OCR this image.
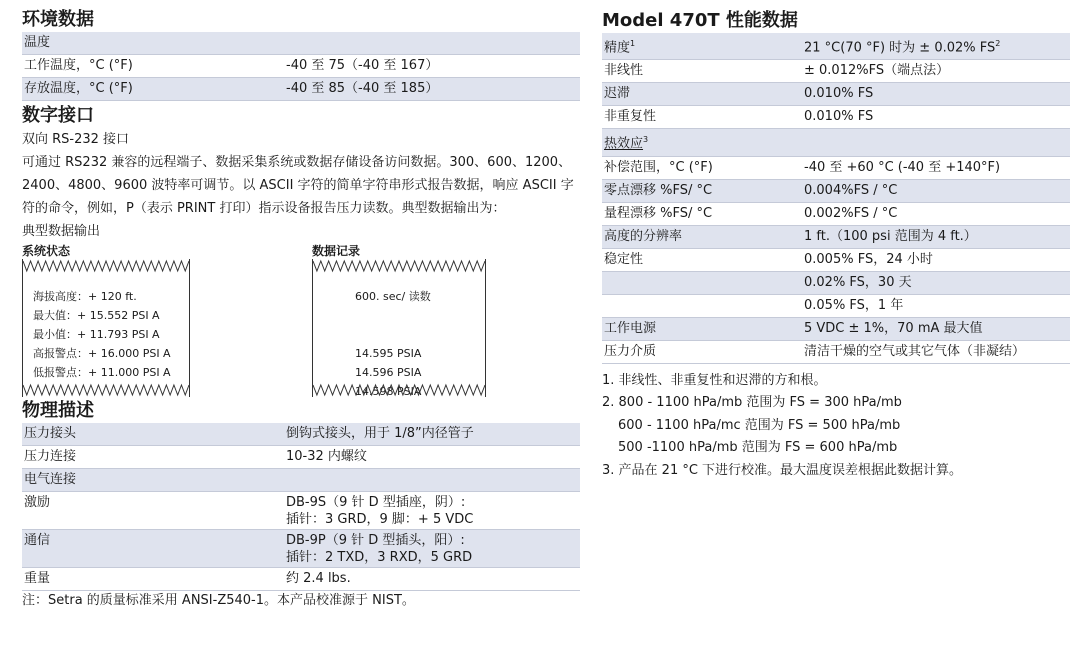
环境数据
温度	
工作温度，°C (°F)	-40 至 75（-40 至 167）
存放温度，°C (°F)	-40 至 85（-40 至 185）
数字接口

双向 RS-232 接口

可通过 RS232 兼容的远程端子、数据采集系统或数据存储设备访问数据。300、600、1200、2400、4800、9600 波特率可调节。以 ASCII 字符的简单字符串形式报告数据，响应 ASCII 字符的命令，例如，P（表示 PRINT 打印）指示设备报告压力读数。典型数据输出为：

典型数据输出

系统状态
海拔高度：+ 120 ft.
最大值：+ 15.552 PSI A
最小值：+ 11.793 PSI A
高报警点：+ 16.000 PSI A
低报警点：+ 11.000 PSI A
数据记录
600. sec/ 读数

14.595 PSIA
14.596 PSIA
14.598 PSIA
物理描述
压力接头	倒钩式接头，用于 1/8”内径管子
压力连接	10-32 内螺纹
电气连接	
激励	DB-9S（9 针 D 型插座，阴）:
插针：3 GRD，9 脚：+ 5 VDC
通信	DB-9P（9 针 D 型插头，阳）:
插针：2 TXD，3 RXD，5 GRD
重量	约 2.4 lbs.
注：Setra 的质量标准采用 ANSI-Z540-1。本产品校准源于 NIST。
Model 470T 性能数据
精度$^1$	21 °C(70 °F) 时为 ± 0.02% $FS^2$
非线性	± 0.012%FS（端点法）
迟滞	0.010% FS
非重复性	0.010% FS
热效应$^3$	
补偿范围，°C (°F)	-40 至 +60 °C (-40 至 +140°F)
零点漂移 %FS/ °C	0.004%FS / °C
量程漂移 %FS/ °C	0.002%FS / °C
高度的分辨率	1 ft.（100 psi 范围为 4 ft.）
稳定性	0.005% FS，24 小时
	0.02% FS，30 天
	0.05% FS，1 年
工作电源	5 VDC ± 1%，70 mA 最大值
压力介质	清洁干燥的空气或其它气体（非凝结）
1. 非线性、非重复性和迟滞的方和根。
2. 800 - 1100 hPa/mb 范围为 FS = 300 hPa/mb
600 - 1100 hPa/mc 范围为 FS = 500 hPa/mb
500 -1100 hPa/mb 范围为 FS = 600 hPa/mb
3. 产品在 21 °C 下进行校准。最大温度误差根据此数据计算。
